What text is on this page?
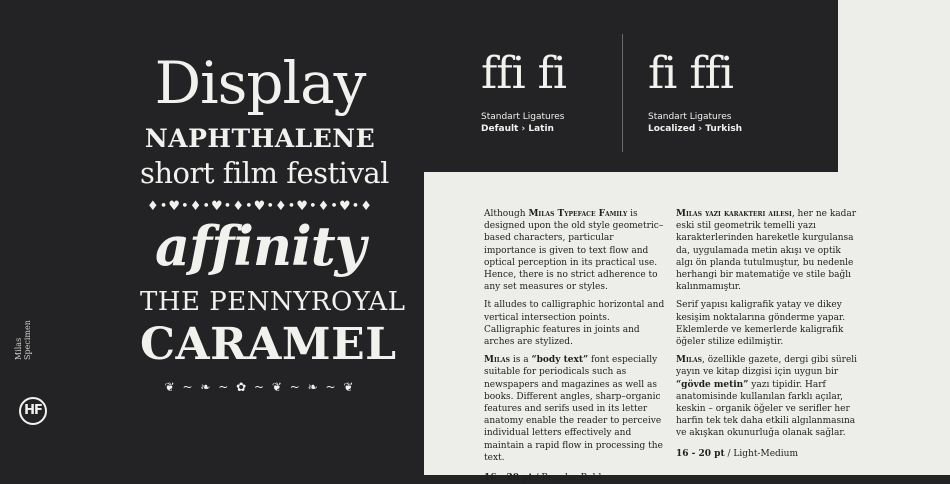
Display
NAPHTHALENE
short film festival
♦•♥•♦•♥•♦•♥•♦•♥•♦•♥•♦
affinity
THE PENNYROYAL
CARAMEL
❦ ~ ❧ ~ ✿ ~ ❦ ~ ❧ ~ ❦
Milas Specimen
HF
ffi fi
Standart Ligatures
Default › Latin
fi ffi
Standart Ligatures
Localized › Turkish

Although Milas Typeface Family is designed upon the old style geometric–based characters, particular importance is given to text flow and optical perception in its practical use. Hence, there is no strict adherence to any set measures or styles.

It alludes to calligraphic horizontal and vertical intersection points. Calligraphic features in joints and arches are stylized.

Milas is a “body text” font especially suitable for periodicals such as newspapers and magazines as well as books. Different angles, sharp–organic features and serifs used in its letter anatomy enable the reader to perceive individual letters effectively and maintain a rapid flow in processing the text.

16 - 20 pt / Regular-Bold

Milas yazı karakteri ailesi, her ne kadar eski stil geometrik temelli yazı karakterlerinden hareketle kurgulansa da, uygulamada metin akışı ve optik algı ön planda tutulmuştur, bu nedenle herhangi bir matematiğe ve stile bağlı kalınmamıştır.

Serif yapısı kaligrafik yatay ve dikey kesişim noktalarına gönderme yapar. Eklemlerde ve kemerlerde kaligrafik öğeler stilize edilmiştir.

Milas, özellikle gazete, dergi gibi süreli yayın ve kitap dizgisi için uygun bir “gövde metin” yazı tipidir. Harf anatomisinde kullanılan farklı açılar, keskin – organik öğeler ve serifler her harfin tek tek daha etkili algılanmasına ve akışkan okunurluğa olanak sağlar.

16 - 20 pt / Light-Medium
